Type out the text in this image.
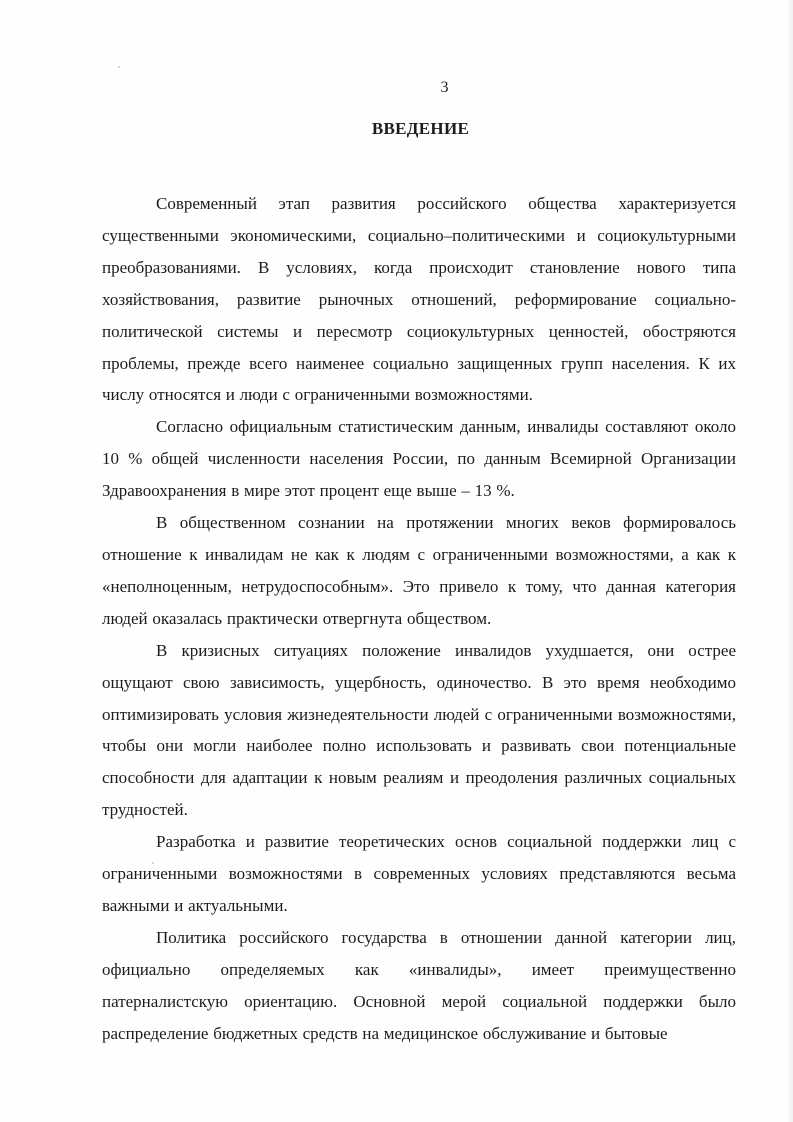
3
ВВЕДЕНИЕ

Современный этап развития российского общества характеризуется существенными экономическими, социально–политическими и социокультурными преобразованиями. В условиях, когда происходит становление нового типа хозяйствования, развитие рыночных отношений, реформирование социально-политической системы и пересмотр социокультурных ценностей, обостряются проблемы, прежде всего наименее социально защищенных групп населения. К их числу относятся и люди с ограниченными возможностями.

Согласно официальным статистическим данным, инвалиды составляют около 10 % общей численности населения России, по данным Всемирной Организации Здравоохранения в мире этот процент еще выше – 13 %.

В общественном сознании на протяжении многих веков формировалось отношение к инвалидам не как к людям с ограниченными возможностями, а как к «неполноценным, нетрудоспособным». Это привело к тому, что данная категория людей оказалась практически отвергнута обществом.

В кризисных ситуациях положение инвалидов ухудшается, они острее ощущают свою зависимость, ущербность, одиночество. В это время необходимо оптимизировать условия жизнедеятельности людей с ограниченными возможностями, чтобы они могли наиболее полно использовать и развивать свои потенциальные способности для адаптации к новым реалиям и преодоления различных социальных трудностей.

Разработка и развитие теоретических основ социальной поддержки лиц с ограниченными возможностями в современных условиях представляются весьма важными и актуальными.

Политика российского государства в отношении данной категории лиц, официально определяемых как «инвалиды», имеет преимущественно патерналистскую ориентацию. Основной мерой социальной поддержки было распределение бюджетных средств на медицинское обслуживание и бытовые
